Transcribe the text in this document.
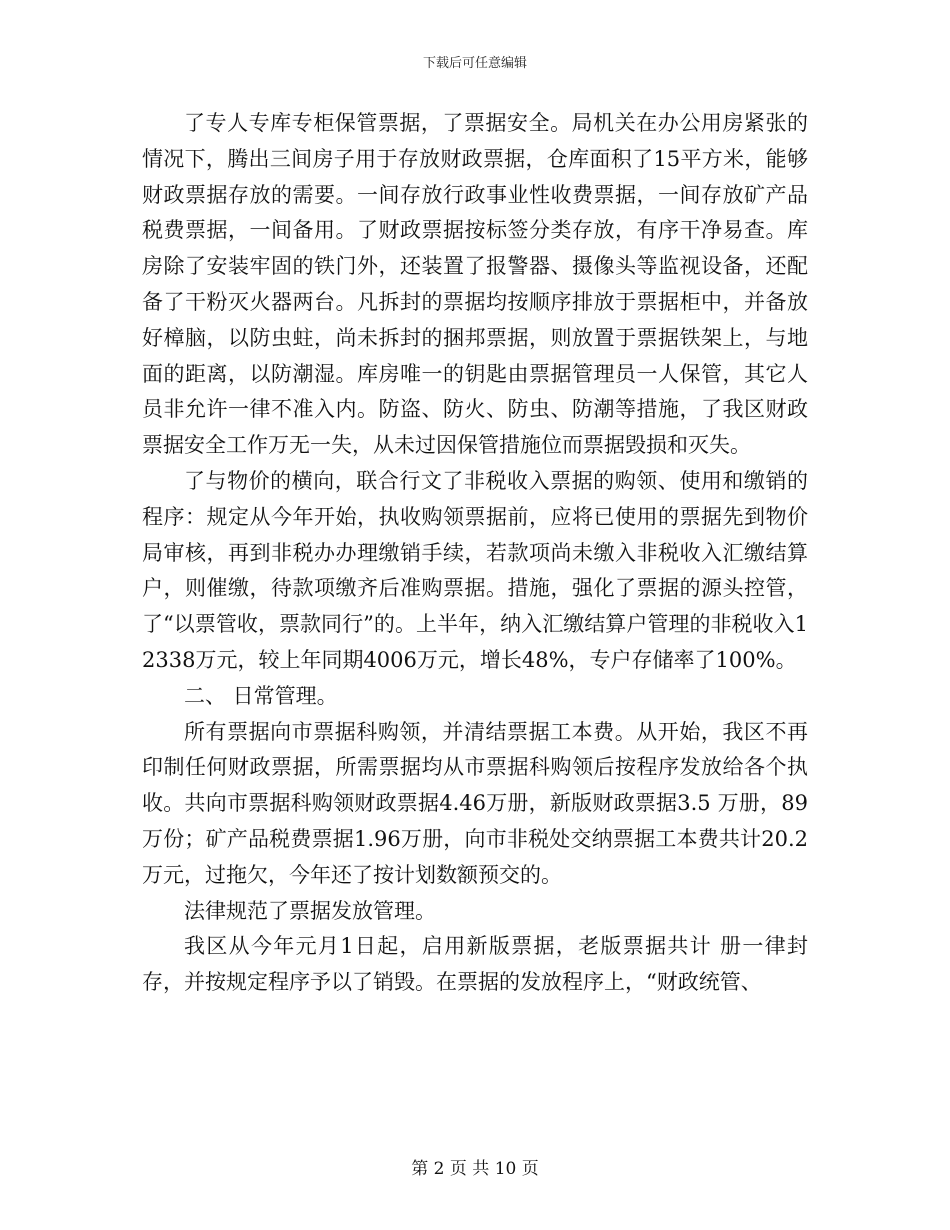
下载后可任意编辑

了专人专库专柜保管票据，了票据安全。局机关在办公用房紧张的情况下，腾出三间房子用于存放财政票据，仓库面积了15平方米，能够财政票据存放的需要。一间存放行政事业性收费票据，一间存放矿产品税费票据，一间备用。了财政票据按标签分类存放，有序干净易查。库房除了安装牢固的铁门外，还装置了报警器、摄像头等监视设备，还配备了干粉灭火器两台。凡拆封的票据均按顺序排放于票据柜中，并备放好樟脑，以防虫蛀，尚未拆封的捆邦票据，则放置于票据铁架上，与地面的距离，以防潮湿。库房唯一的钥匙由票据管理员一人保管，其它人员非允许一律不准入内。防盗、防火、防虫、防潮等措施，了我区财政票据安全工作万无一失，从未过因保管措施位而票据毁损和灭失。

了与物价的横向，联合行文了非税收入票据的购领、使用和缴销的程序：规定从今年开始，执收购领票据前，应将已使用的票据先到物价局审核，再到非税办办理缴销手续，若款项尚未缴入非税收入汇缴结算户，则催缴，待款项缴齐后准购票据。措施，强化了票据的源头控管，了“以票管收，票款同行”的。上半年，纳入汇缴结算户管理的非税收入12338万元，较上年同期4006万元，增长48%，专户存储率了100%。

二、 日常管理。

所有票据向市票据科购领，并清结票据工本费。从开始，我区不再印制任何财政票据，所需票据均从市票据科购领后按程序发放给各个执收。共向市票据科购领财政票据4.46万册，新版财政票据3.5 万册，89万份；矿产品税费票据1.96万册，向市非税处交纳票据工本费共计20.2万元，过拖欠，今年还了按计划数额预交的。

法律规范了票据发放管理。

我区从今年元月1日起，启用新版票据，老版票据共计 册一律封存，并按规定程序予以了销毁。在票据的发放程序上，“财政统管、

第 2 页 共 10 页
